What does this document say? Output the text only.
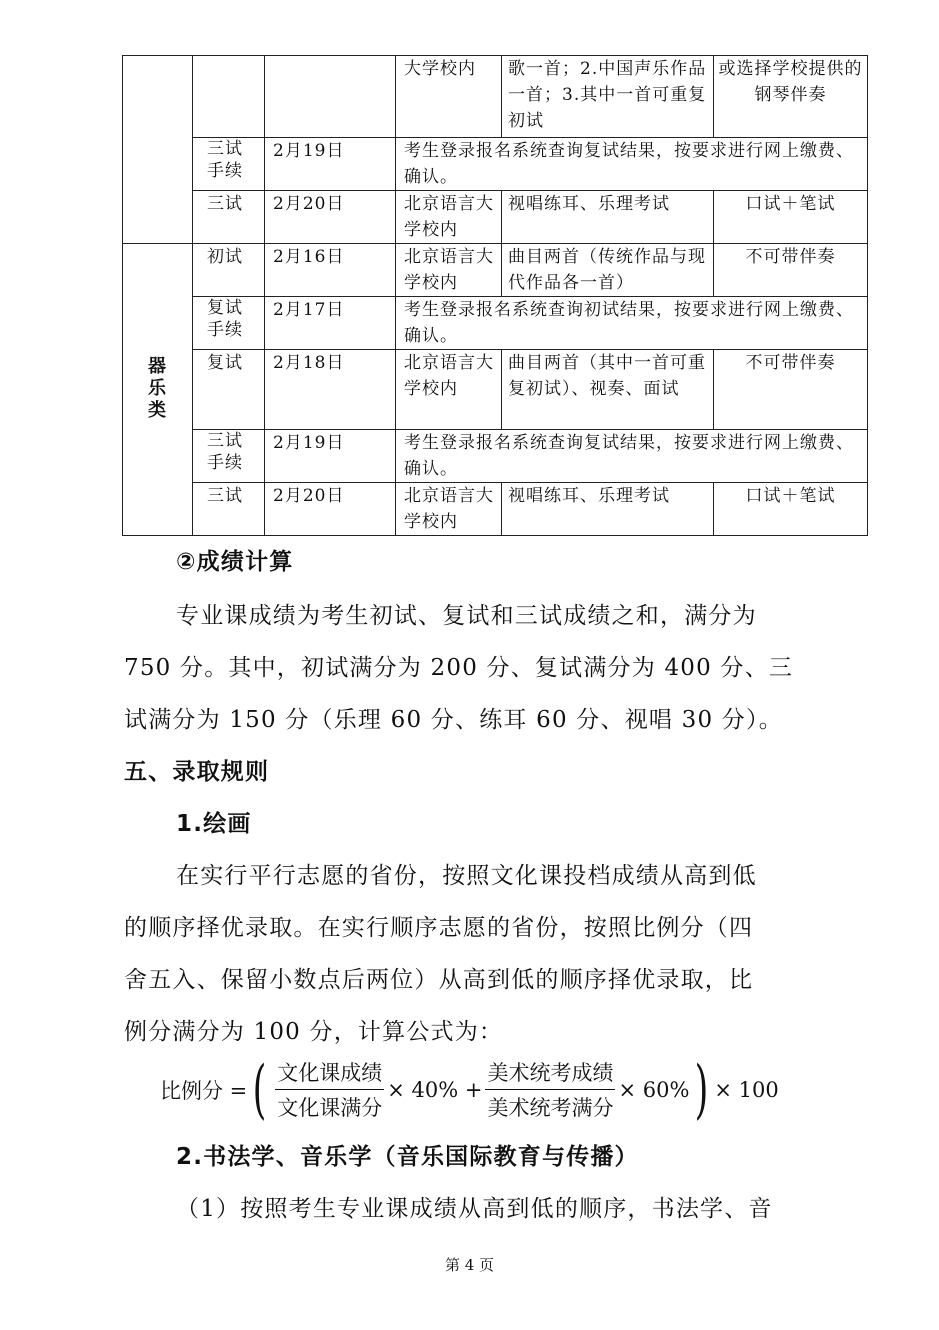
			大学校内	歌一首；2.中国声乐作品一首；3.其中一首可重复初试	或选择学校提供的钢琴伴奏
	三试手续	2月19日	考生登录报名系统查询复试结果，按要求进行网上缴费、确认。		
	三试	2月20日	北京语言大学校内	视唱练耳、乐理考试	口试＋笔试
器乐类	初试	2月16日	北京语言大学校内	曲目两首（传统作品与现代作品各一首）	不可带伴奏
	复试手续	2月17日	考生登录报名系统查询初试结果，按要求进行网上缴费、确认。		
	复试	2月18日	北京语言大学校内	曲目两首（其中一首可重复初试）、视奏、面试	不可带伴奏
	三试手续	2月19日	考生登录报名系统查询复试结果，按要求进行网上缴费、确认。		
	三试	2月20日	北京语言大学校内	视唱练耳、乐理考试	口试＋笔试
②成绩计算
专业课成绩为考生初试、复试和三试成绩之和，满分为
750 分。其中，初试满分为 200 分、复试满分为 400 分、三
试满分为 150 分（乐理 60 分、练耳 60 分、视唱 30 分）。
五、录取规则
1.绘画
在实行平行志愿的省份，按照文化课投档成绩从高到低
的顺序择优录取。在实行顺序志愿的省份，按照比例分（四
舍五入、保留小数点后两位）从高到低的顺序择优录取，比
例分满分为 100 分，计算公式为：
比例分 = ( $\frac{\text{文化课成绩}}{\text{文化课满分}} \times 40\% + \frac{\text{美术统考成绩}}{\text{美术统考满分}} \times 60\%$ ) × 100
2.书法学、音乐学（音乐国际教育与传播）
（1）按照考生专业课成绩从高到低的顺序，书法学、音
第 4 页
